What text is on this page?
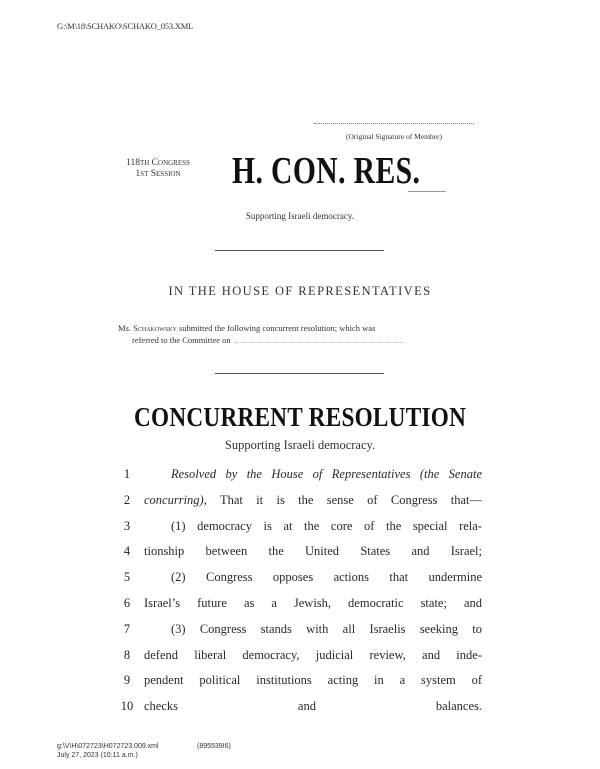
G:\M\18\SCHAKO\SCHAKO_053.XML
(Original Signature of Member)
118th Congress
1st Session	H. CON. RES.
Supporting Israeli democracy.
IN THE HOUSE OF REPRESENTATIVES
Ms. Schakowsky submitted the following concurrent resolution; which was
referred to the Committee on
CONCURRENT RESOLUTION
Supporting Israeli democracy.
1	Resolved by the House of Representatives (the Senate
2	concurring), That it is the sense of Congress that—
3	(1) democracy is at the core of the special rela-
4	tionship between the United States and Israel;
5	(2) Congress opposes actions that undermine
6	Israel’s future as a Jewish, democratic state; and
7	(3) Congress stands with all Israelis seeking to
8	defend liberal democracy, judicial review, and inde-
9	pendent political institutions acting in a system of
10 checks and balances.
g:\V\H\072723\H072723.009.xml	(895539I6)
July 27, 2023 (10:11 a.m.)
